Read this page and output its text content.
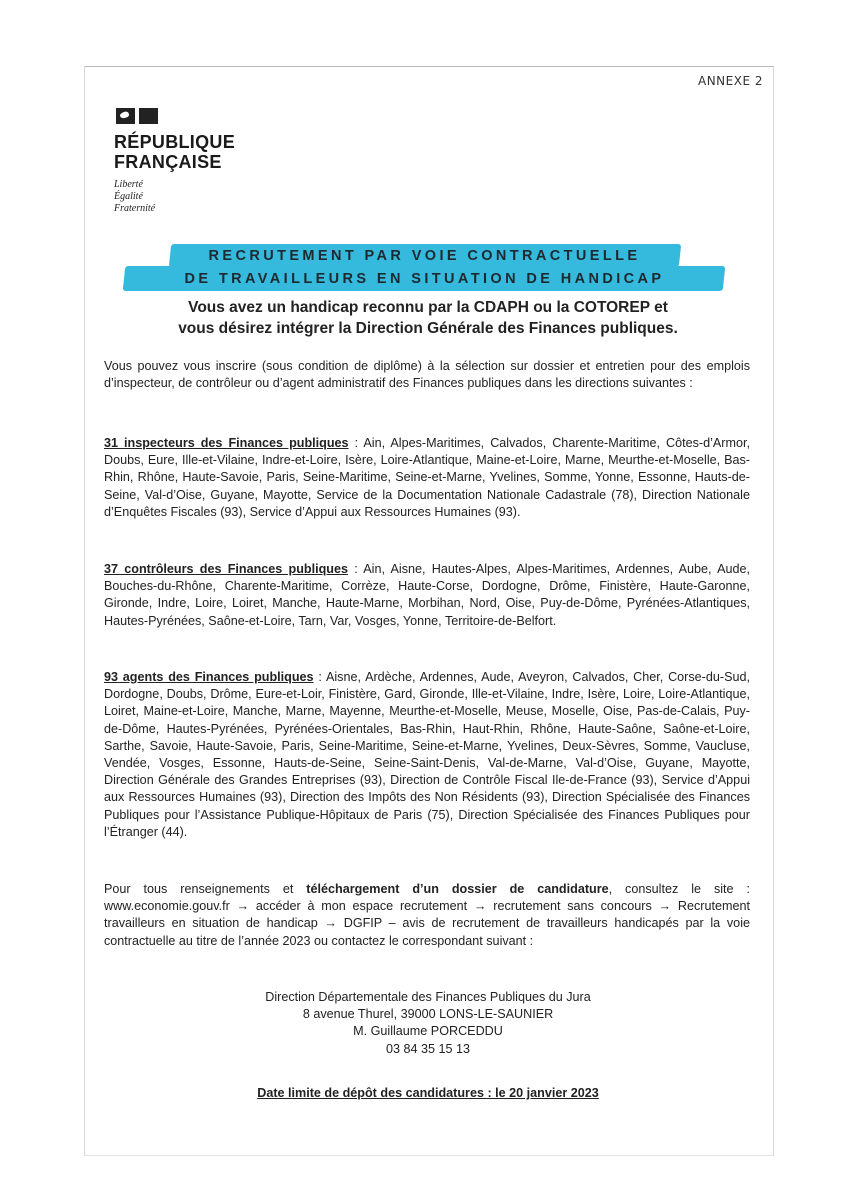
ANNEXE 2
RÉPUBLIQUE
FRANÇAISE
Liberté
Égalité
Fraternité
RECRUTEMENT PAR VOIE CONTRACTUELLE
DE TRAVAILLEURS EN SITUATION DE HANDICAP
Vous avez un handicap reconnu par la CDAPH ou la COTOREP et
vous désirez intégrer la Direction Générale des Finances publiques.
Vous pouvez vous inscrire (sous condition de diplôme) à la sélection sur dossier et entretien pour des emplois d’inspecteur, de contrôleur ou d’agent administratif des Finances publiques dans les directions suivantes :
31 inspecteurs des Finances publiques : Ain, Alpes-Maritimes, Calvados, Charente-Maritime, Côtes-d’Armor, Doubs, Eure, Ille-et-Vilaine, Indre-et-Loire, Isère, Loire-Atlantique, Maine-et-Loire, Marne, Meurthe-et-Moselle, Bas-Rhin, Rhône, Haute-Savoie, Paris, Seine-Maritime, Seine-et-Marne, Yvelines, Somme, Yonne, Essonne, Hauts-de-Seine, Val-d’Oise, Guyane, Mayotte, Service de la Documentation Nationale Cadastrale (78), Direction Nationale d’Enquêtes Fiscales (93), Service d’Appui aux Ressources Humaines (93).
37 contrôleurs des Finances publiques : Ain, Aisne, Hautes-Alpes, Alpes-Maritimes, Ardennes, Aube, Aude, Bouches-du-Rhône, Charente-Maritime, Corrèze, Haute-Corse, Dordogne, Drôme, Finistère, Haute-Garonne, Gironde, Indre, Loire, Loiret, Manche, Haute-Marne, Morbihan, Nord, Oise, Puy-de-Dôme, Pyrénées-Atlantiques, Hautes-Pyrénées, Saône-et-Loire, Tarn, Var, Vosges, Yonne, Territoire-de-Belfort.
93 agents des Finances publiques : Aisne, Ardèche, Ardennes, Aude, Aveyron, Calvados, Cher, Corse-du-Sud, Dordogne, Doubs, Drôme, Eure-et-Loir, Finistère, Gard, Gironde, Ille-et-Vilaine, Indre, Isère, Loire, Loire-Atlantique, Loiret, Maine-et-Loire, Manche, Marne, Mayenne, Meurthe-et-Moselle, Meuse, Moselle, Oise, Pas-de-Calais, Puy-de-Dôme, Hautes-Pyrénées, Pyrénées-Orientales, Bas-Rhin, Haut-Rhin, Rhône, Haute-Saône, Saône-et-Loire, Sarthe, Savoie, Haute-Savoie, Paris, Seine-Maritime, Seine-et-Marne, Yvelines, Deux-Sèvres, Somme, Vaucluse, Vendée, Vosges, Essonne, Hauts-de-Seine, Seine-Saint-Denis, Val-de-Marne, Val-d’Oise, Guyane, Mayotte, Direction Générale des Grandes Entreprises (93), Direction de Contrôle Fiscal Ile-de-France (93), Service d’Appui aux Ressources Humaines (93), Direction des Impôts des Non Résidents (93), Direction Spécialisée des Finances Publiques pour l’Assistance Publique-Hôpitaux de Paris (75), Direction Spécialisée des Finances Publiques pour l’Étranger (44).
Pour tous renseignements et téléchargement d’un dossier de candidature, consultez le site : www.economie.gouv.fr → accéder à mon espace recrutement → recrutement sans concours → Recrutement travailleurs en situation de handicap → DGFIP – avis de recrutement de travailleurs handicapés par la voie contractuelle au titre de l’année 2023 ou contactez le correspondant suivant :
Direction Départementale des Finances Publiques du Jura
8 avenue Thurel, 39000 LONS-LE-SAUNIER
M. Guillaume PORCEDDU
03 84 35 15 13
Date limite de dépôt des candidatures : le 20 janvier 2023
